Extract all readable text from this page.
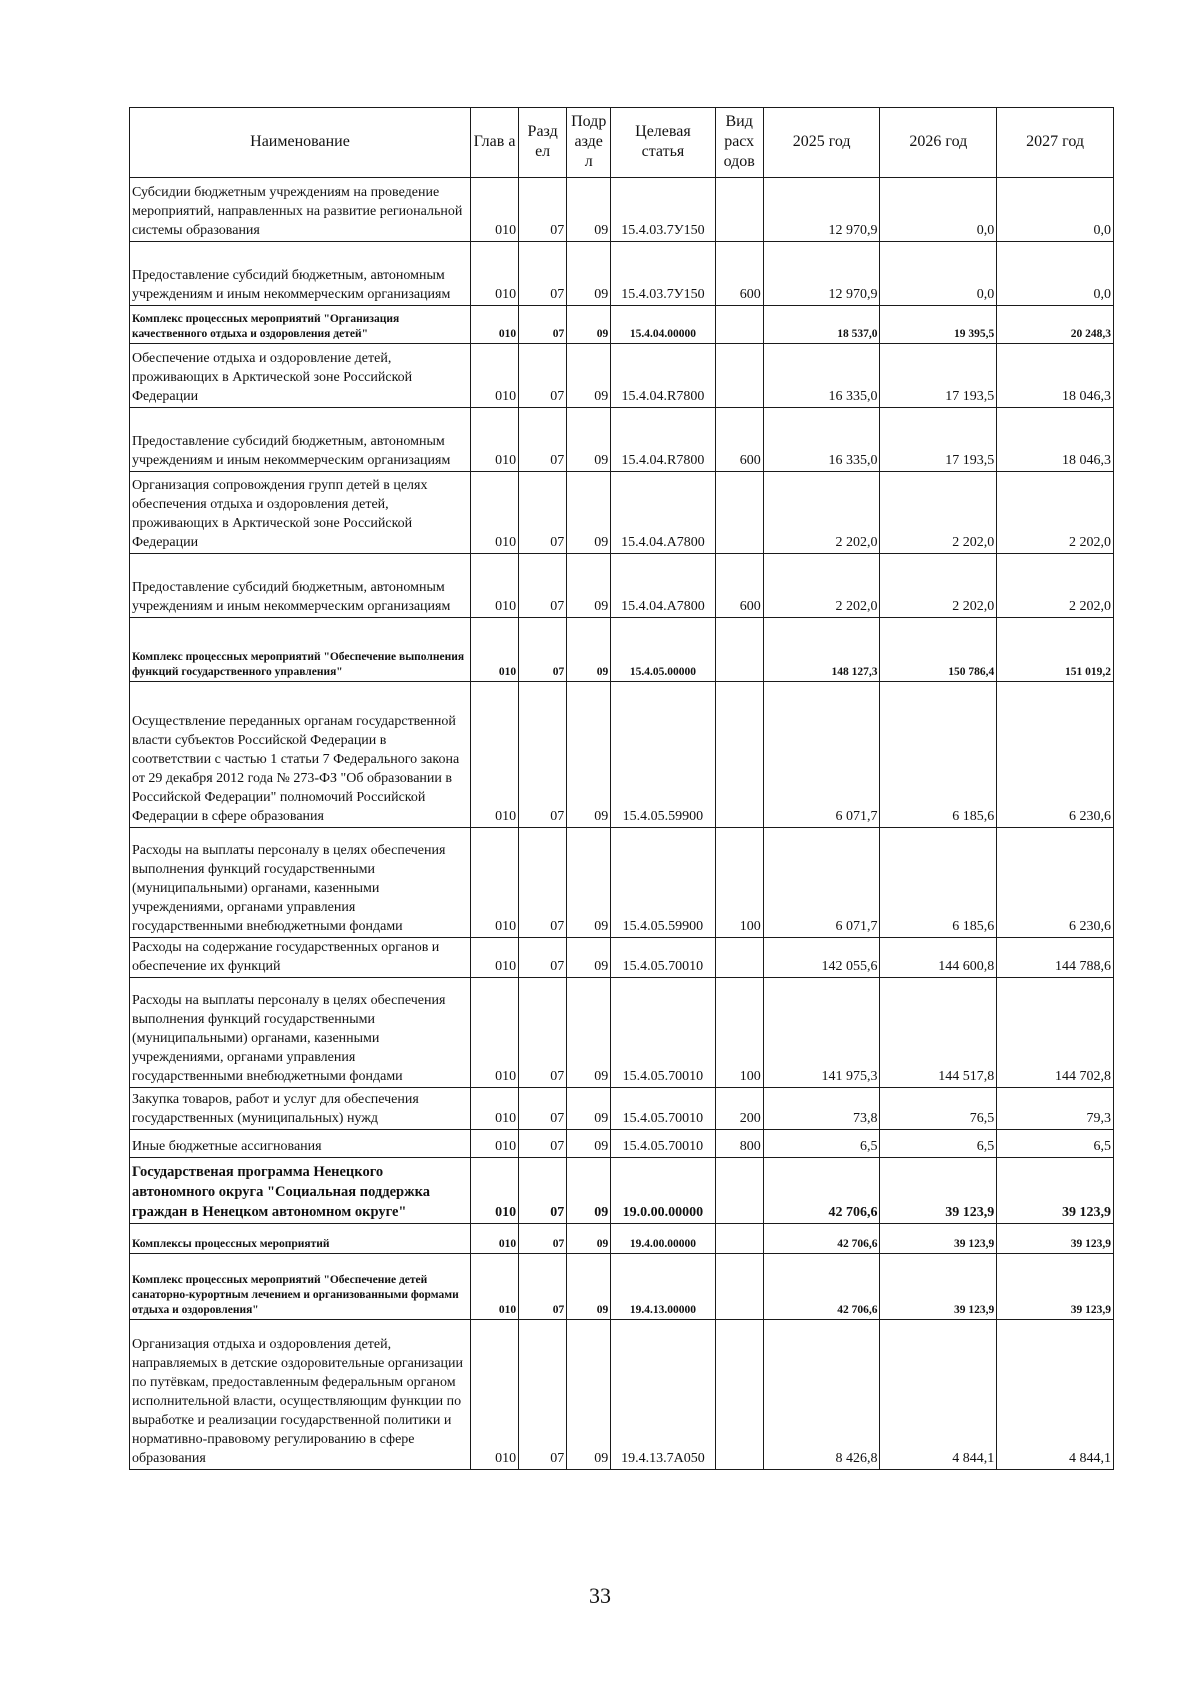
Наименование	Глав а	Разд ел	Подр азде л	Целевая статья	Вид расх одов	2025 год	2026 год	2027 год
Субсидии бюджетным учреждениям на проведение мероприятий, направленных на развитие региональной системы образования	010	07	09	15.4.03.7У150		12 970,9	0,0	0,0
Предоставление субсидий бюджетным, автономным учреждениям и иным некоммерческим организациям	010	07	09	15.4.03.7У150	600	12 970,9	0,0	0,0
Комплекс процессных мероприятий "Организация качественного отдыха и оздоровления детей"	010	07	09	15.4.04.00000		18 537,0	19 395,5	20 248,3
Обеспечение отдыха и оздоровление детей, проживающих в Арктической зоне Российской Федерации	010	07	09	15.4.04.R7800		16 335,0	17 193,5	18 046,3
Предоставление субсидий бюджетным, автономным учреждениям и иным некоммерческим организациям	010	07	09	15.4.04.R7800	600	16 335,0	17 193,5	18 046,3
Организация сопровождения групп детей в целях обеспечения отдыха и оздоровления детей, проживающих в Арктической зоне Российской Федерации	010	07	09	15.4.04.А7800		2 202,0	2 202,0	2 202,0
Предоставление субсидий бюджетным, автономным учреждениям и иным некоммерческим организациям	010	07	09	15.4.04.А7800	600	2 202,0	2 202,0	2 202,0
Комплекс процессных мероприятий "Обеспечение выполнения функций государственного управления"	010	07	09	15.4.05.00000		148 127,3	150 786,4	151 019,2
Осуществление переданных органам государственной власти субъектов Российской Федерации в соответствии с частью 1 статьи 7 Федерального закона от 29 декабря 2012 года № 273-ФЗ "Об образовании в Российской Федерации" полномочий Российской Федерации в сфере образования	010	07	09	15.4.05.59900		6 071,7	6 185,6	6 230,6
Расходы на выплаты персоналу в целях обеспечения выполнения функций государственными (муниципальными) органами, казенными учреждениями, органами управления государственными внебюджетными фондами	010	07	09	15.4.05.59900	100	6 071,7	6 185,6	6 230,6
Расходы на содержание государственных органов и обеспечение их функций	010	07	09	15.4.05.70010		142 055,6	144 600,8	144 788,6
Расходы на выплаты персоналу в целях обеспечения выполнения функций государственными (муниципальными) органами, казенными учреждениями, органами управления государственными внебюджетными фондами	010	07	09	15.4.05.70010	100	141 975,3	144 517,8	144 702,8
Закупка товаров, работ и услуг для обеспечения государственных (муниципальных) нужд	010	07	09	15.4.05.70010	200	73,8	76,5	79,3
Иные бюджетные ассигнования	010	07	09	15.4.05.70010	800	6,5	6,5	6,5
Государственая программа Ненецкого автономного округа "Социальная поддержка граждан в Ненецком автономном округе"	010	07	09	19.0.00.00000		42 706,6	39 123,9	39 123,9
Комплексы процессных мероприятий	010	07	09	19.4.00.00000		42 706,6	39 123,9	39 123,9
Комплекс процессных мероприятий "Обеспечение детей санаторно-курортным лечением и организованными формами отдыха и оздоровления"	010	07	09	19.4.13.00000		42 706,6	39 123,9	39 123,9
Организация отдыха и оздоровления детей, направляемых в детские оздоровительные организации по путёвкам, предоставленным федеральным органом исполнительной власти, осуществляющим функции по выработке и реализации государственной политики и нормативно-правовому регулированию в сфере образования	010	07	09	19.4.13.7А050		8 426,8	4 844,1	4 844,1
33
